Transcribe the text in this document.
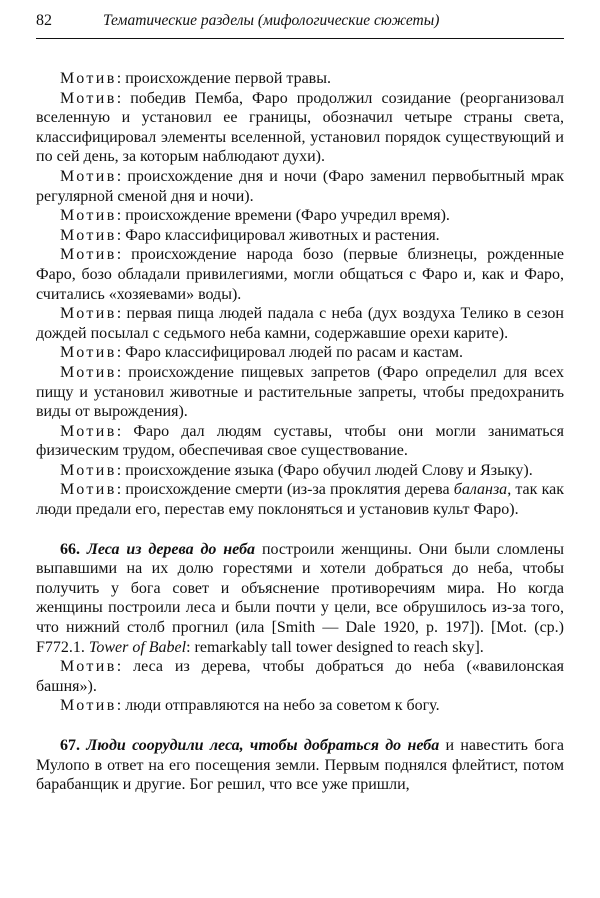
82	Тематические разделы (мифологические сюжеты)

Мотив: происхождение первой травы.

Мотив: победив Пемба, Фаро продолжил созидание (реорганизовал вселенную и установил ее границы, обозначил четыре страны света, классифицировал элементы вселенной, установил порядок существующий и по сей день, за которым наблюдают духи).

Мотив: происхождение дня и ночи (Фаро заменил первобытный мрак регулярной сменой дня и ночи).

Мотив: происхождение времени (Фаро учредил время).

Мотив: Фаро классифицировал животных и растения.

Мотив: происхождение народа бозо (первые близнецы, рожденные Фаро, бозо обладали привилегиями, могли общаться с Фаро и, как и Фаро, считались «хозяевами» воды).

Мотив: первая пища людей падала с неба (дух воздуха Телико в сезон дождей посылал с седьмого неба камни, содержавшие орехи карите).

Мотив: Фаро классифицировал людей по расам и кастам.

Мотив: происхождение пищевых запретов (Фаро определил для всех пищу и установил животные и растительные запреты, чтобы предохранить виды от вырождения).

Мотив: Фаро дал людям суставы, чтобы они могли заниматься физическим трудом, обеспечивая свое существование.

Мотив: происхождение языка (Фаро обучил людей Слову и Языку).

Мотив: происхождение смерти (из-за проклятия дерева баланза, так как люди предали его, перестав ему поклоняться и установив культ Фаро).

66. Леса из дерева до неба построили женщины. Они были сломлены выпавшими на их долю горестями и хотели добраться до неба, чтобы получить у бога совет и объяснение противоречиям мира. Но когда женщины построили леса и были почти у цели, все обрушилось из-за того, что нижний столб прогнил (ила [Smith — Dale 1920, p. 197]). [Mot. (cp.) F772.1. Tower of Babel: remarkably tall tower designed to reach sky].

Мотив: леса из дерева, чтобы добраться до неба («вавилонская башня»).

Мотив: люди отправляются на небо за советом к богу.

67. Люди соорудили леса, чтобы добраться до неба и навестить бога Мулопо в ответ на его посещения земли. Первым поднялся флейтист, потом барабанщик и другие. Бог решил, что все уже пришли,
